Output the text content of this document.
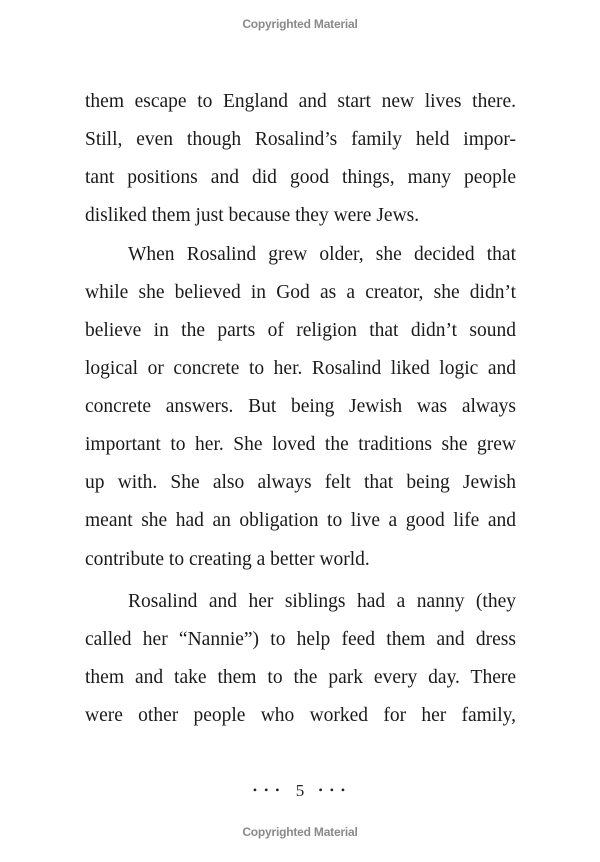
Copyrighted Material
them escape to England and start new lives there.
Still, even though Rosalind’s family held impor-
tant positions and did good things, many people
disliked them just because they were Jews.
When Rosalind grew older, she decided that
while she believed in God as a creator, she didn’t
believe in the parts of religion that didn’t sound
logical or concrete to her. Rosalind liked logic and
concrete answers. But being Jewish was always
important to her. She loved the traditions she grew
up with. She also always felt that being Jewish
meant she had an obligation to live a good life and
contribute to creating a better world.
Rosalind and her siblings had a nanny (they
called her “Nannie”) to help feed them and dress
them and take them to the park every day. There
were other people who worked for her family,
• • • 5 • • •
Copyrighted Material
